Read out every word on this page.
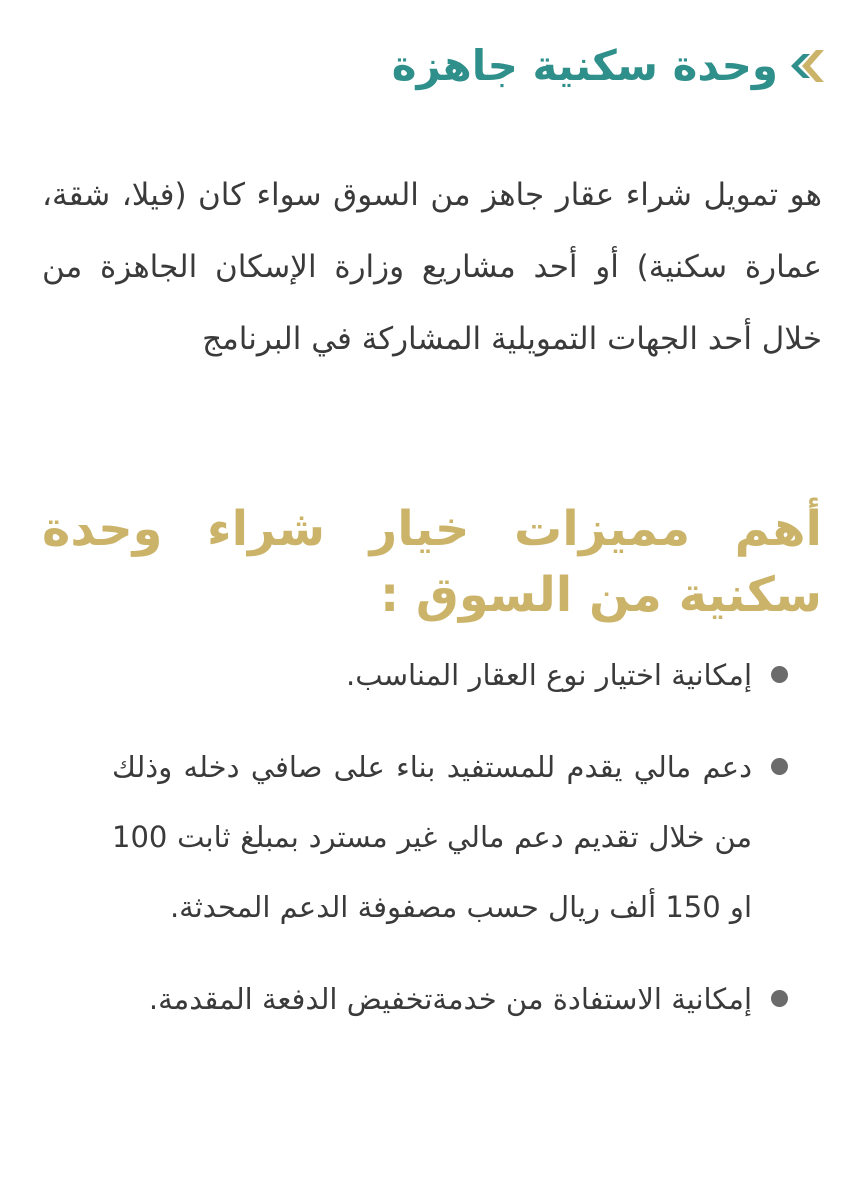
وحدة سكنية جاهزة

هو تمويل شراء عقار جاهز من السوق سواء كان (فيلا، شقة، عمارة سكنية) أو أحد مشاريع وزارة الإسكان الجاهزة من خلال أحد الجهات التمويلية المشاركة في البرنامج

أهم مميزات خيار شراء وحدة سكنية من السوق :
إمكانية اختيار نوع العقار المناسب.
دعم مالي يقدم للمستفيد بناء على صافي دخله وذلك من خلال تقديم دعم مالي غير مسترد بمبلغ ثابت 100 او 150 ألف ريال حسب مصفوفة الدعم المحدثة.
إمكانية الاستفادة من خدمةتخفيض الدفعة المقدمة.
